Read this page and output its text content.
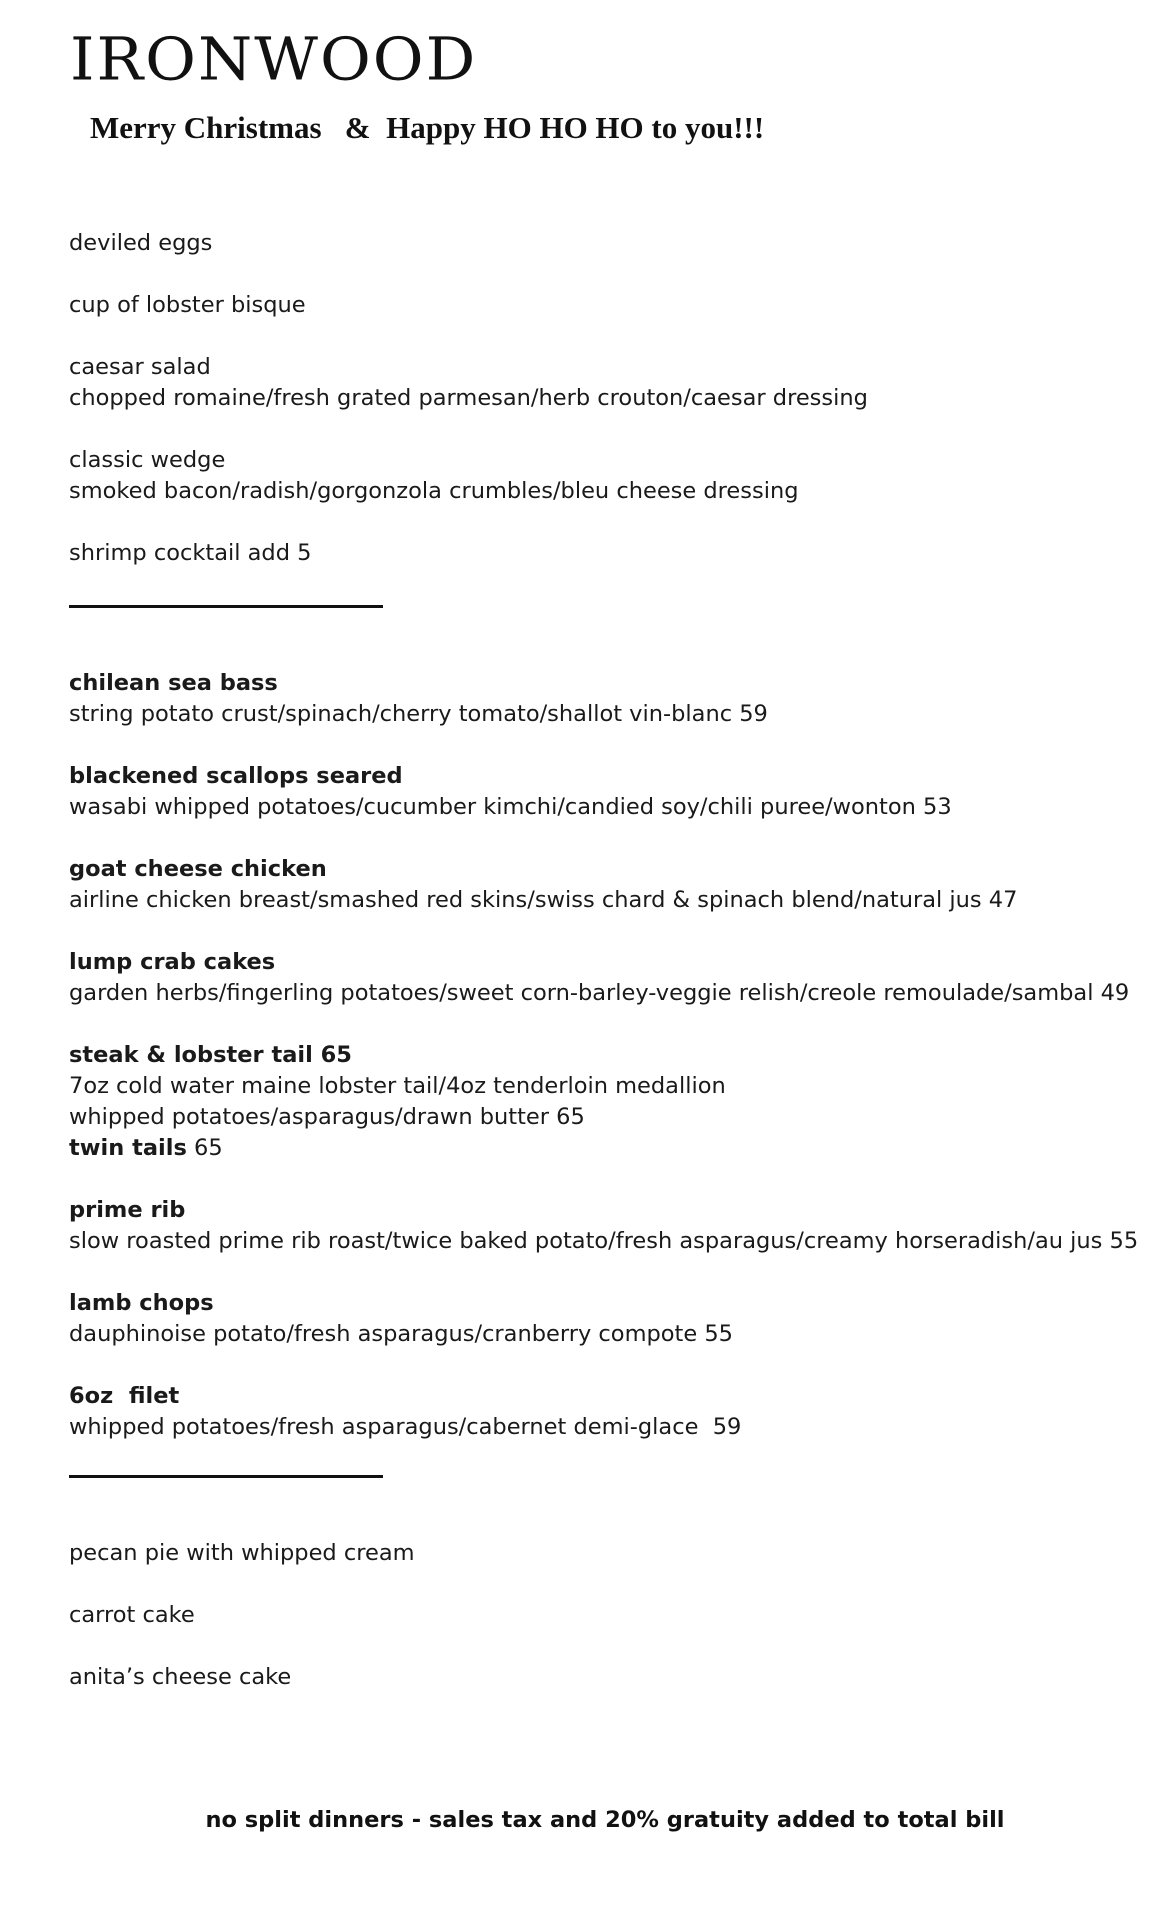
IRONWOOD
Merry Christmas   &  Happy HO HO HO to you!!!
deviled eggs
cup of lobster bisque
caesar salad
chopped romaine/fresh grated parmesan/herb crouton/caesar dressing
classic wedge
smoked bacon/radish/gorgonzola crumbles/bleu cheese dressing
shrimp cocktail add 5
chilean sea bass
string potato crust/spinach/cherry tomato/shallot vin-blanc 59
blackened scallops seared
wasabi whipped potatoes/cucumber kimchi/candied soy/chili puree/wonton 53
goat cheese chicken
airline chicken breast/smashed red skins/swiss chard & spinach blend/natural jus 47
lump crab cakes
garden herbs/fingerling potatoes/sweet corn-barley-veggie relish/creole remoulade/sambal 49
steak & lobster tail 65
7oz cold water maine lobster tail/4oz tenderloin medallion
whipped potatoes/asparagus/drawn butter 65
twin tails 65
prime rib
slow roasted prime rib roast/twice baked potato/fresh asparagus/creamy horseradish/au jus 55
lamb chops
dauphinoise potato/fresh asparagus/cranberry compote 55
6oz  filet
whipped potatoes/fresh asparagus/cabernet demi-glace  59
pecan pie with whipped cream
carrot cake
anita’s cheese cake
no split dinners - sales tax and 20% gratuity added to total bill
